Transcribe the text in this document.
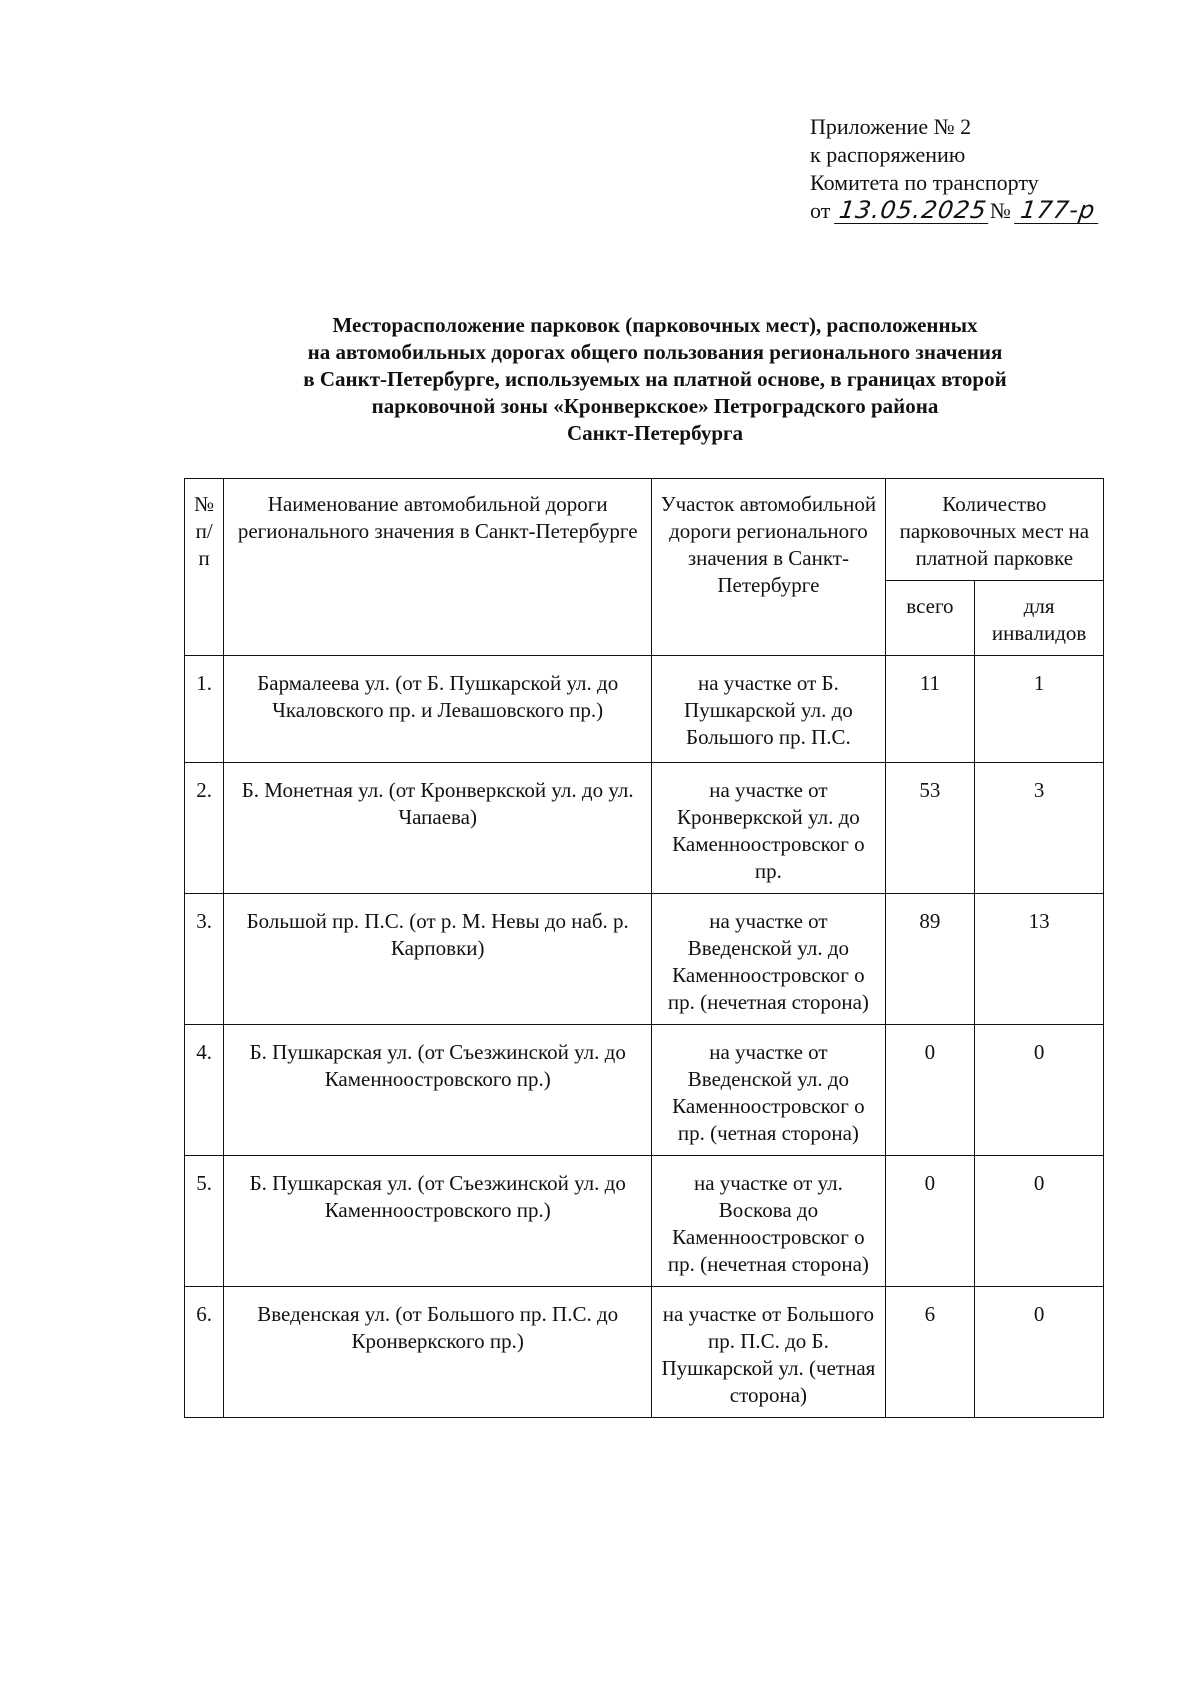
Приложение № 2
к распоряжению
Комитета по транспорту
от 13.05.2025№ 177-р
Месторасположение парковок (парковочных мест), расположенных
на автомобильных дорогах общего пользования регионального значения
в Санкт-Петербурге, используемых на платной основе, в границах второй
парковочной зоны «Кронверкское» Петроградского района
Санкт-Петербурга
№ п/п	Наименование автомобильной дороги регионального значения в Санкт-Петербурге	Участок автомобильной дороги регионального значения в Санкт-Петербурге	Количество парковочных мест на платной парковке	
			всего	для инвалидов
1.	Бармалеева ул. (от Б. Пушкарской ул. до Чкаловского пр. и Левашовского пр.)	на участке от Б. Пушкарской ул. до Большого пр. П.С.	11	1
2.	Б. Монетная ул. (от Кронверкской ул. до ул. Чапаева)	на участке от Кронверкской ул. до Каменноостровског о пр.	53	3
3.	Большой пр. П.С. (от р. М. Невы до наб. р. Карповки)	на участке от Введенской ул. до Каменноостровског о пр. (нечетная сторона)	89	13
4.	Б. Пушкарская ул. (от Съезжинской ул. до Каменноостровского пр.)	на участке от Введенской ул. до Каменноостровског о пр. (четная сторона)	0	0
5.	Б. Пушкарская ул. (от Съезжинской ул. до Каменноостровского пр.)	на участке от ул. Воскова до Каменноостровског о пр. (нечетная сторона)	0	0
6.	Введенская ул. (от Большого пр. П.С. до Кронверкского пр.)	на участке от Большого пр. П.С. до Б. Пушкарской ул. (четная сторона)	6	0
